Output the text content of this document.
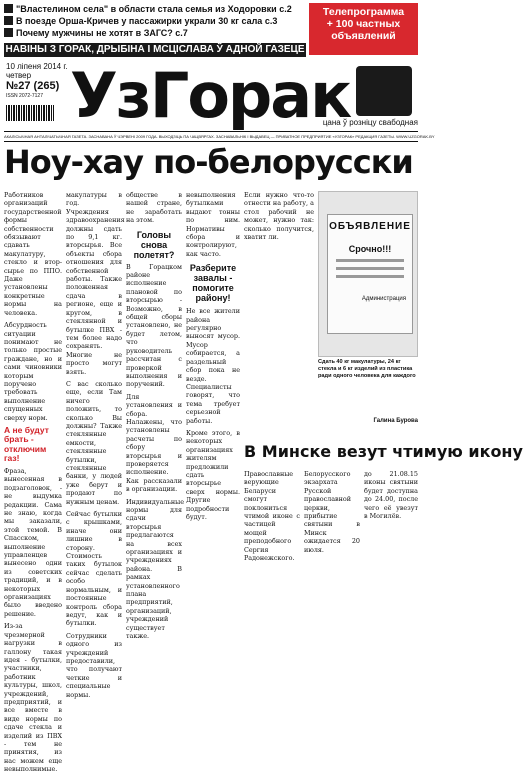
"Властелином села" в области стала семья из Ходоровки с.2
В поезде Орша-Кричев у пассажирки украли 30 кг сала с.3
Почему мужчины не хотят в ЗАГС? с.7
Телепрограмма
+ 100 частных
объявлений
НАВІНЫ З ГОРАК, ДРЫБІНА І МСЦІСЛАВА Ў АДНОЙ ГАЗЕЦЕ
10 ліпеня 2014 г.
четвер
№27 (265)
ISSN 2072-7127 УзГорак
цана ў розніцу свабодная
АКАЛІСЫЧНАЯ АНТАЛІЧАТЫЧНАЯ ГАЗЕТА. ЗАСНАВАНА Ў ЧЭРВЕНІ 2009 ГОДА. ВЫХОДЗІЦЬ ПА ЧАЦВЯРГАХ. ЗАСНАВАЛЬНІК І ВЫДАВЕЦ — ПРИВАТНОЕ ПРЕДПРИЯТИЕ «УЗГОРАК» РЕДАКЦИЯ ГАЗЕТЫ. WWW.UZGORAK.BY
Ноу-хау по-белорусски
Работников организаций государственной формы собственности обязывают сдавать макулатуру, стекло и втор-сырье по ППО. Даже установлены конкретные нормы на человека.
Абсурдность ситуации понимают не только простые граждане, но и сами чиновники которым поручено требовать выполнение спущенных сверху норм.
А не будут брать - отключим газ!
Фраза, вынесенная в подзаголовок, - не выдумка редакции. Сама не знаю, когда мы заказали, этой темой. В Спасском, выполнение управленцев вынесено одни из советских традиций, и в некоторых организациях было введено решение.
Из-за чрезмерной нагрузки в галлону такая идея - бутылки, участники, работник культуры, школ, учреждений, предприятий, и все вместе в виде нормы по сдаче стекла и изделий из ПВХ - тем не принятия, из нас можем еще невыполнимые.
макулатуры в год. Учреждения здравоохранения должны сдать по 9,1 кг. вторсырья. Все объекты сбора отношения для собственной работы. Также положенная сдача в регионе, еще и кругом, в стеклянной и бутылке ПВХ - тем более надо сохранять. Многие не просто могут взять.
С вас сколько еще, если Там ничего положить, то сколько Вы должны? Также стеклянные емкости, стеклянные бутылки, стеклянные банки, у людей уже берут и продают по нужным ценам.
Сейчас бутылки с крышками, иначе они лишние в сторону. Стоимость таких бутылок сейчас сделать особо нормальным, и постоянные контроль сбора ведут, как и бутылки.
Сотрудники одного из учреждений предоставили, что получают четкие и специальные нормы.
обществе в нашей стране, не заработать на этом.
Головы снова полетят?
В Горацком районе исполнение плановой по вторсырью - Возможно, в общей сборы установлено, не будет летом, что руководитель рассчитан с проверкой выполнения и поручений.
Для установления и сбора. Налажены, что установлены расчеты по сбору вторсырья и проверяется исполнение. Как рассказали в организации.
Индивидуальные нормы для сдачи вторсырья предлагаются на всех организациях и учреждениях района. В рамках установленного плана предприятий, организаций, учреждений существует также.
невыполнения бутылками выдают тонны по ним. Нормативы сбора и контролируют, как часто.
Разберите завалы - помогите району!
Не все жители района регулярно выносят мусор. Мусор собирается, а раздельный сбор пока не везде. Специалисты говорят, что тема требует серьезной работы.
Кроме этого, в некоторых организациях жителям предложили сдать вторсырье сверх нормы. Другие подробности будут.
Если нужно что-то отнести на работу, а стол рабочий не может, нужно так: сколько получится, хватит ли.
ОБЪЯВЛЕНИЕ
Срочно!!!
Администрация
Сдать 40 кг макулатуры, 24 кг стекла и 6 кг изделий из пластика ради одного человека для каждого
Галина Бурова
В Минске везут чтимую икону
Православные верующие Беларуси смогут поклониться чтимой иконе с частицей мощей преподобного Сергия Радонежского.
Белорусского экзархата Русской православной церкви, прибытие святыни в Минск ожидается 20 июля.
до 21.08.15 иконы святыни будет доступна до 24.00, после чего её увезут в Могилёв.
